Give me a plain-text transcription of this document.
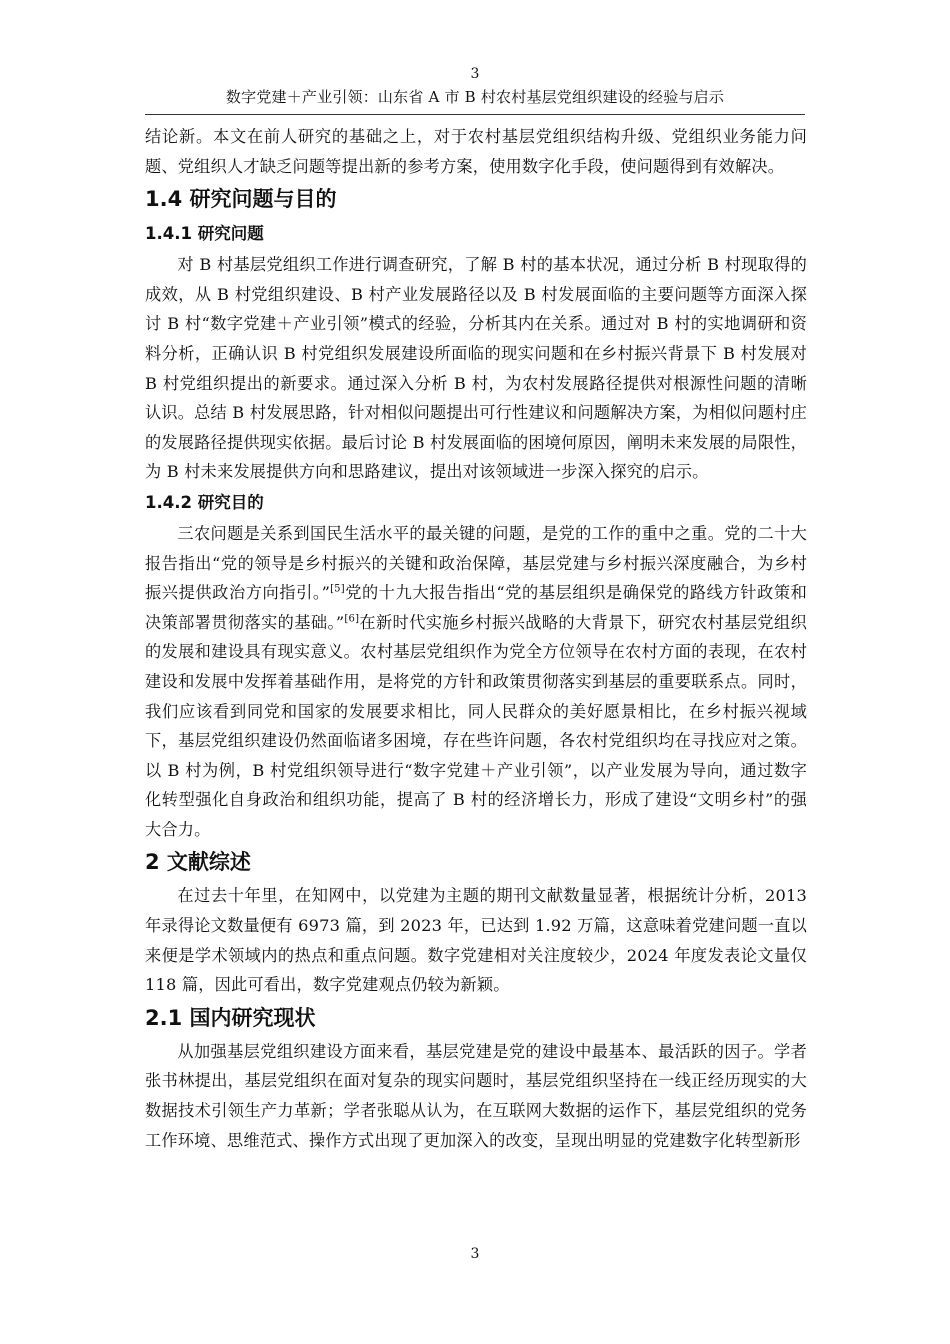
3
数字党建＋产业引领：山东省 A 市 B 村农村基层党组织建设的经验与启示

结论新。本文在前人研究的基础之上，对于农村基层党组织结构升级、党组织业务能力问题、党组织人才缺乏问题等提出新的参考方案，使用数字化手段，使问题得到有效解决。

1.4 研究问题与目的
1.4.1 研究问题

对 B 村基层党组织工作进行调查研究，了解 B 村的基本状况，通过分析 B 村现取得的成效，从 B 村党组织建设、B 村产业发展路径以及 B 村发展面临的主要问题等方面深入探讨 B 村“数字党建＋产业引领”模式的经验，分析其内在关系。通过对 B 村的实地调研和资料分析，正确认识 B 村党组织发展建设所面临的现实问题和在乡村振兴背景下 B 村发展对 B 村党组织提出的新要求。通过深入分析 B 村，为农村发展路径提供对根源性问题的清晰认识。总结 B 村发展思路，针对相似问题提出可行性建议和问题解决方案，为相似问题村庄的发展路径提供现实依据。最后讨论 B 村发展面临的困境何原因，阐明未来发展的局限性，为 B 村未来发展提供方向和思路建议，提出对该领域进一步深入探究的启示。

1.4.2 研究目的

三农问题是关系到国民生活水平的最关键的问题，是党的工作的重中之重。党的二十大报告指出“党的领导是乡村振兴的关键和政治保障，基层党建与乡村振兴深度融合，为乡村振兴提供政治方向指引。”[5]党的十九大报告指出“党的基层组织是确保党的路线方针政策和决策部署贯彻落实的基础。”[6]在新时代实施乡村振兴战略的大背景下，研究农村基层党组织的发展和建设具有现实意义。农村基层党组织作为党全方位领导在农村方面的表现，在农村建设和发展中发挥着基础作用，是将党的方针和政策贯彻落实到基层的重要联系点。同时，我们应该看到同党和国家的发展要求相比，同人民群众的美好愿景相比，在乡村振兴视域下，基层党组织建设仍然面临诸多困境，存在些许问题，各农村党组织均在寻找应对之策。以 B 村为例，B 村党组织领导进行“数字党建＋产业引领”，以产业发展为导向，通过数字化转型强化自身政治和组织功能，提高了 B 村的经济增长力，形成了建设“文明乡村”的强大合力。

2 文献综述

在过去十年里，在知网中，以党建为主题的期刊文献数量显著，根据统计分析，2013 年录得论文数量便有 6973 篇，到 2023 年，已达到 1.92 万篇，这意味着党建问题一直以来便是学术领域内的热点和重点问题。数字党建相对关注度较少，2024 年度发表论文量仅 118 篇，因此可看出，数字党建观点仍较为新颖。

2.1 国内研究现状

从加强基层党组织建设方面来看，基层党建是党的建设中最基本、最活跃的因子。学者张书林提出，基层党组织在面对复杂的现实问题时，基层党组织坚持在一线正经历现实的大数据技术引领生产力革新；学者张聪从认为，在互联网大数据的运作下，基层党组织的党务工作环境、思维范式、操作方式出现了更加深入的改变，呈现出明显的党建数字化转型新形

3
